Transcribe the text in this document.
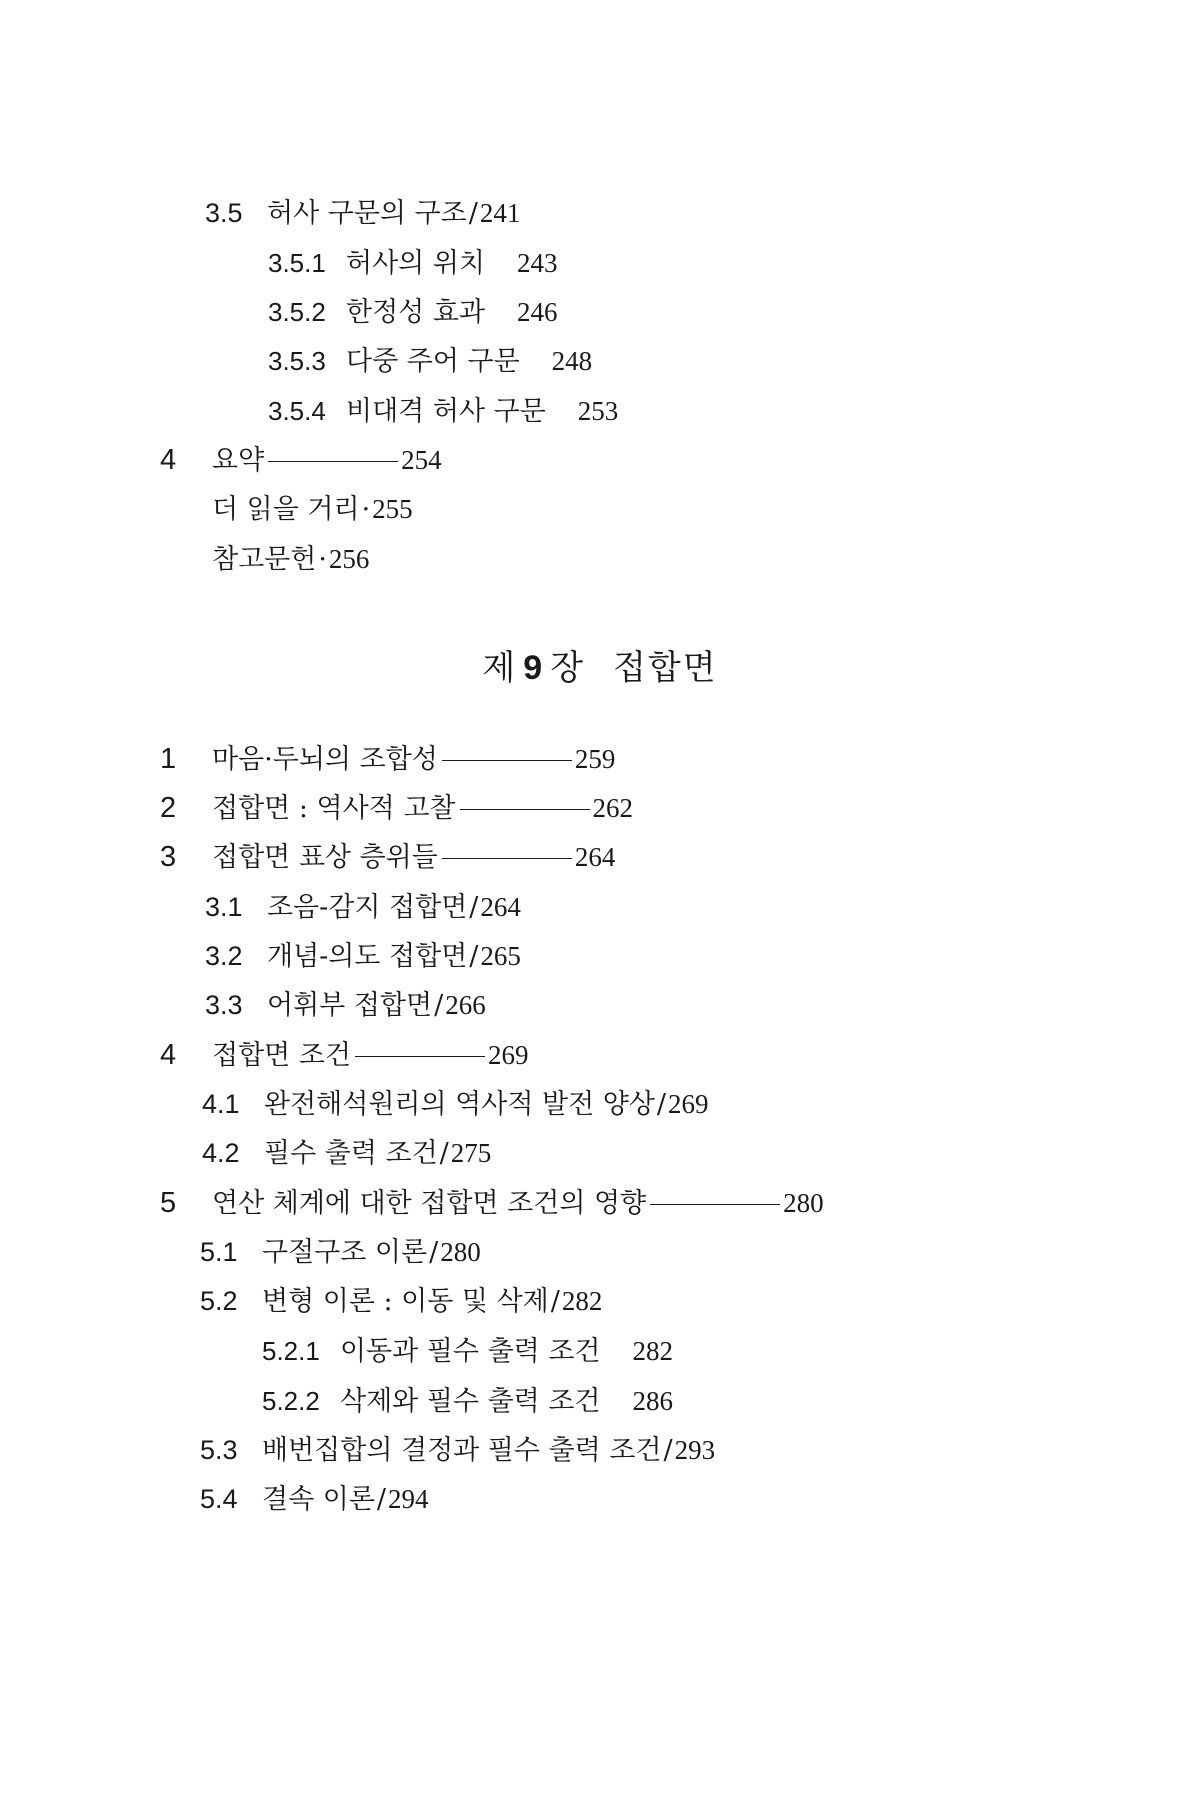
3.5 허사 구문의 구조/241
3.5.1 허사의 위치 243
3.5.2 한정성 효과 246
3.5.3 다중 주어 구문 248
3.5.4 비대격 허사 구문 253
4 요약	254
더 읽을 거리·255
참고문헌·256
제 9 장 접합면
1 마음·두뇌의 조합성	259
2 접합면 : 역사적 고찰	262
3 접합면 표상 층위들	264
3.1 조음-감지 접합면/264
3.2 개념-의도 접합면/265
3.3 어휘부 접합면/266
4 접합면 조건	269
4.1 완전해석원리의 역사적 발전 양상/269
4.2 필수 출력 조건/275
5 연산 체계에 대한 접합면 조건의 영향	280
5.1 구절구조 이론/280
5.2 변형 이론 : 이동 및 삭제/282
5.2.1 이동과 필수 출력 조건 282
5.2.2 삭제와 필수 출력 조건 286
5.3 배번집합의 결정과 필수 출력 조건/293
5.4 결속 이론/294
